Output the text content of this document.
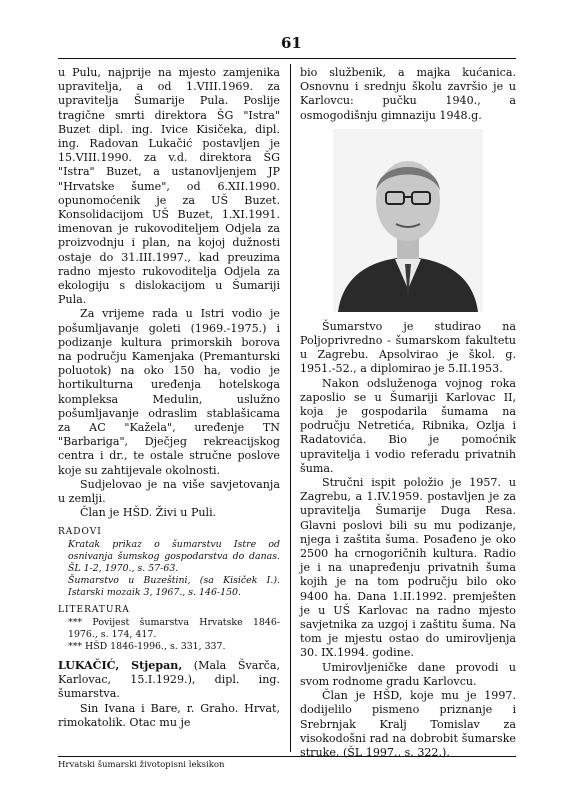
61

u Pulu, najprije na mjesto zamjenika upravitelja, a od 1.VIII.1969. za upravitelja Šumarije Pula. Poslije tragične smrti direktora ŠG "Istra" Buzet dipl. ing. Ivice Kisičeka, dipl. ing. Radovan Lukačić postavljen je 15.VIII.1990. za v.d. direktora ŠG "Istra" Buzet, a ustanovljenjem JP "Hrvatske šume", od 6.XII.1990. opunomoćenik je za UŠ Buzet. Konsolidacijom UŠ Buzet, 1.XI.1991. imenovan je rukovoditeljem Odjela za proizvodnju i plan, na kojoj dužnosti ostaje do 31.III.1997., kad preuzima radno mjesto rukovoditelja Odjela za ekologiju s dislokacijom u Šumariji Pula.

Za vrijeme rada u Istri vodio je pošumljavanje goleti (1969.-1975.) i podizanje kultura primorskih borova na području Kamenjaka (Premanturski poluotok) na oko 150 ha, vodio je hortikulturna uređenja hotelskoga kompleksa Medulin, uslužno pošumljavanje odraslim stablašicama za AC "Kažela", uređenje TN "Barbariga", Dječjeg rekreacijskog centra i dr., te ostale stručne poslove koje su zahtijevale okolnosti.

Sudjelovao je na više savjetovanja u zemlji.

Član je HŠD. Živi u Puli.

RADOVI

Kratak prikaz o šumarstvu Istre od osnivanja šumskog gospodarstva do danas. ŠL 1-2, 1970., s. 57-63.

Šumarstvo u Buzeštini, (sa Kisiček I.). Istarski mozaik 3, 1967., s. 146-150.

LITERATURA

*** Povijest šumarstva Hrvatske 1846-1976., s. 174, 417.

*** HŠD 1846-1996., s. 331, 337.

LUKAČIĆ, Stjepan, (Mala Švarča, Karlovac, 15.I.1929.), dipl. ing. šumarstva.

Sin Ivana i Bare, r. Graho. Hrvat, rimokatolik. Otac mu je

bio službenik, a majka kućanica. Osnovnu i srednju školu završio je u Karlovcu: pučku 1940., a osmogodišnju gimnaziju 1948.g.

Šumarstvo je studirao na Poljoprivredno - šumarskom fakultetu u Zagrebu. Apsolvirao je škol. g. 1951.-52., a diplomirao je 5.II.1953.

Nakon odsluženoga vojnog roka zaposlio se u Šumariji Karlovac II, koja je gospodarila šumama na području Netretića, Ribnika, Ozlja i Radatovića. Bio je pomoćnik upravitelja i vodio referadu privatnih šuma.

Stručni ispit položio je 1957. u Zagrebu, a 1.IV.1959. postavljen je za upravitelja Šumarije Duga Resa. Glavni poslovi bili su mu podizanje, njega i zaštita šuma. Posađeno je oko 2500 ha crnogoričnih kultura. Radio je i na unapređenju privatnih šuma kojih je na tom području bilo oko 9400 ha. Dana 1.II.1992. premješten je u UŠ Karlovac na radno mjesto savjetnika za uzgoj i zaštitu šuma. Na tom je mjestu ostao do umirovljenja 30. IX.1994. godine.

Umirovljeničke dane provodi u svom rodnome gradu Karlovcu.

Član je HŠD, koje mu je 1997. dodijelilo pismeno priznanje i Srebrnjak Kralj Tomislav za visokodošni rad na dobrobit šumarske struke, (ŠL 1997., s. 322.).

Hrvatski šumarski životopisni leksikon
